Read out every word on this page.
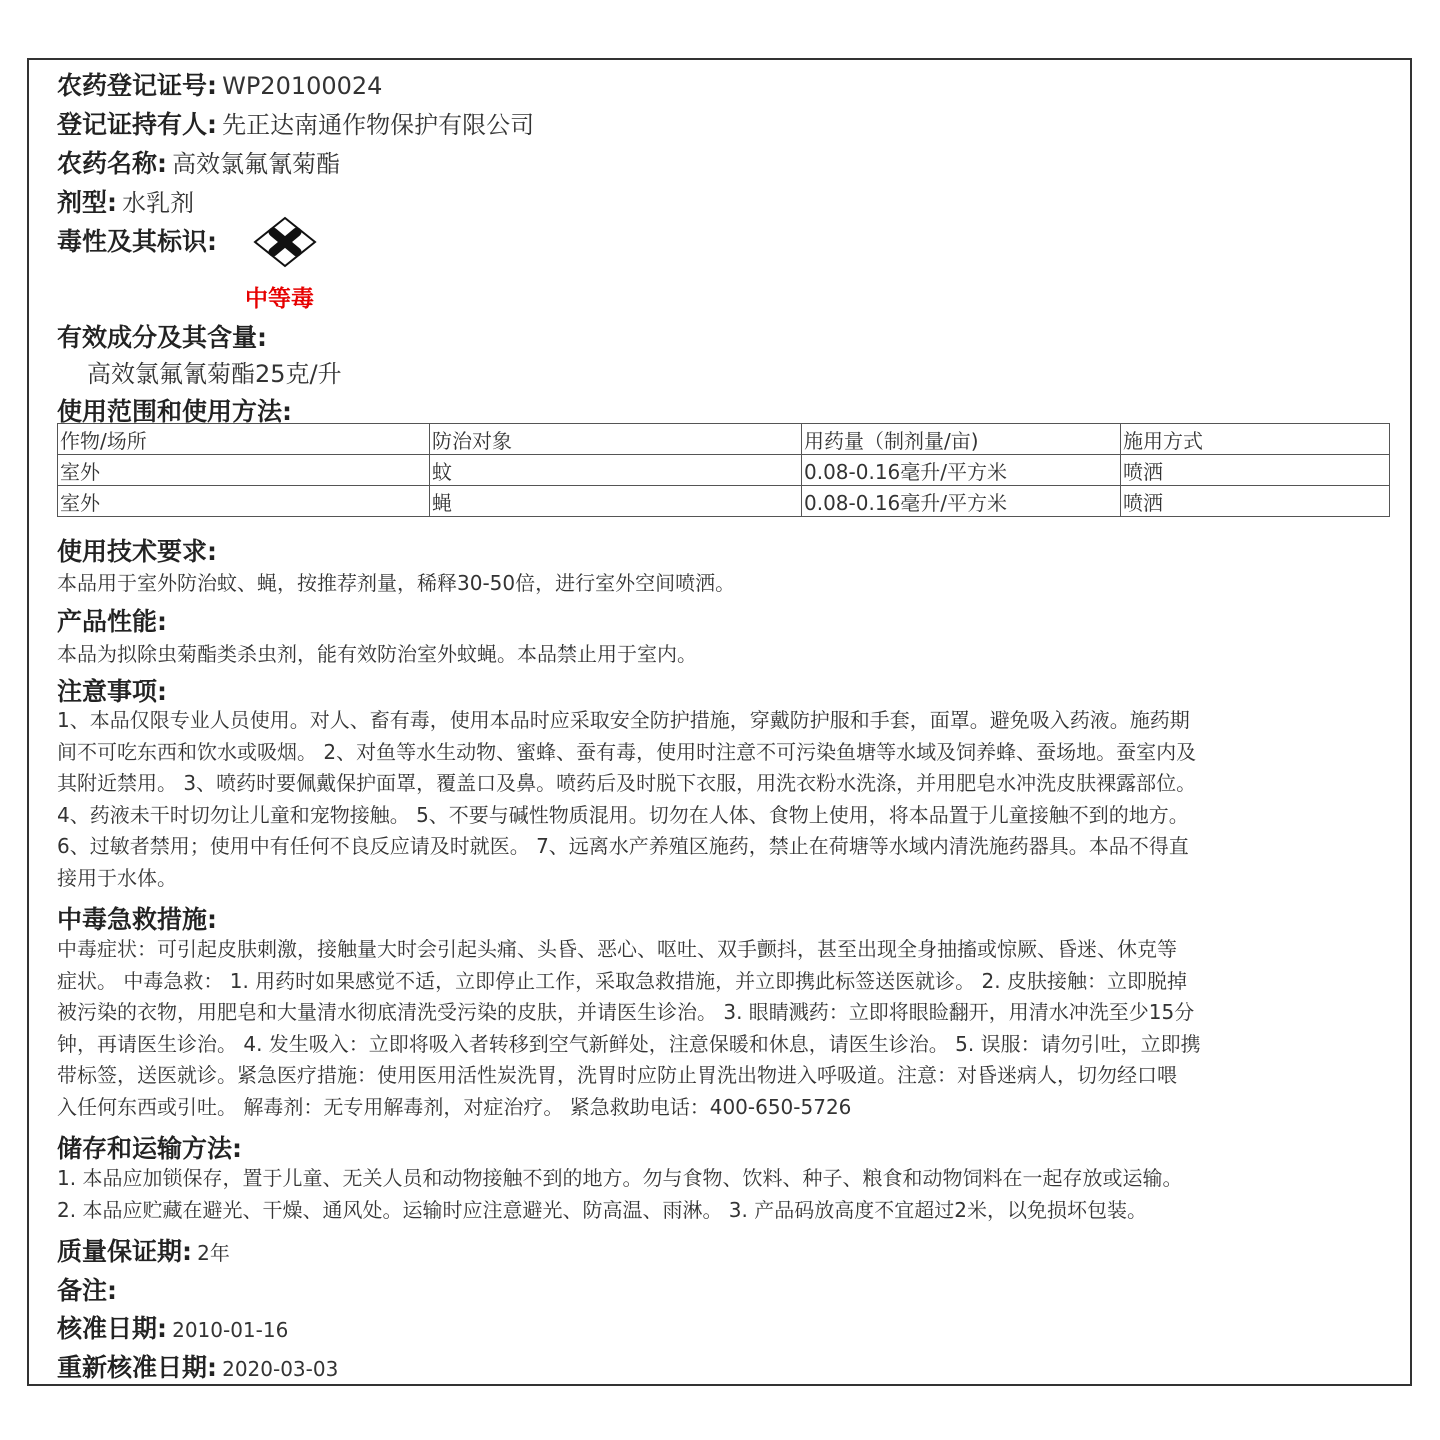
农药登记证号: WP20100024
登记证持有人: 先正达南通作物保护有限公司
农药名称: 高效氯氟氰菊酯
剂型: 水乳剂
毒性及其标识:
中等毒
有效成分及其含量:
高效氯氟氰菊酯25克/升
使用范围和使用方法:
作物/场所	防治对象	用药量（制剂量/亩)	施用方式
室外	蚊	0.08-0.16毫升/平方米	喷洒
室外	蝇	0.08-0.16毫升/平方米	喷洒
使用技术要求:
本品用于室外防治蚊、蝇，按推荐剂量，稀释30-50倍，进行室外空间喷洒。
产品性能:
本品为拟除虫菊酯类杀虫剂，能有效防治室外蚊蝇。本品禁止用于室内。
注意事项:
1、本品仅限专业人员使用。对人、畜有毒，使用本品时应采取安全防护措施，穿戴防护服和手套，面罩。避免吸入药液。施药期
间不可吃东西和饮水或吸烟。 2、对鱼等水生动物、蜜蜂、蚕有毒，使用时注意不可污染鱼塘等水域及饲养蜂、蚕场地。蚕室内及
其附近禁用。 3、喷药时要佩戴保护面罩，覆盖口及鼻。喷药后及时脱下衣服，用洗衣粉水洗涤，并用肥皂水冲洗皮肤裸露部位。
4、药液未干时切勿让儿童和宠物接触。 5、不要与碱性物质混用。切勿在人体、食物上使用，将本品置于儿童接触不到的地方。
6、过敏者禁用；使用中有任何不良反应请及时就医。 7、远离水产养殖区施药，禁止在荷塘等水域内清洗施药器具。本品不得直
接用于水体。
中毒急救措施:
中毒症状：可引起皮肤刺激，接触量大时会引起头痛、头昏、恶心、呕吐、双手颤抖，甚至出现全身抽搐或惊厥、昏迷、休克等
症状。 中毒急救： 1. 用药时如果感觉不适，立即停止工作，采取急救措施，并立即携此标签送医就诊。 2. 皮肤接触：立即脱掉
被污染的衣物，用肥皂和大量清水彻底清洗受污染的皮肤，并请医生诊治。 3. 眼睛溅药：立即将眼睑翻开，用清水冲洗至少15分
钟，再请医生诊治。 4. 发生吸入：立即将吸入者转移到空气新鲜处，注意保暖和休息，请医生诊治。 5. 误服：请勿引吐，立即携
带标签，送医就诊。紧急医疗措施：使用医用活性炭洗胃，洗胃时应防止胃洗出物进入呼吸道。注意：对昏迷病人，切勿经口喂
入任何东西或引吐。 解毒剂：无专用解毒剂，对症治疗。 紧急救助电话：400-650-5726
储存和运输方法:
1. 本品应加锁保存，置于儿童、无关人员和动物接触不到的地方。勿与食物、饮料、种子、粮食和动物饲料在一起存放或运输。
2. 本品应贮藏在避光、干燥、通风处。运输时应注意避光、防高温、雨淋。 3. 产品码放高度不宜超过2米，以免损坏包装。
质量保证期: 2年
备注:
核准日期: 2010-01-16
重新核准日期: 2020-03-03
